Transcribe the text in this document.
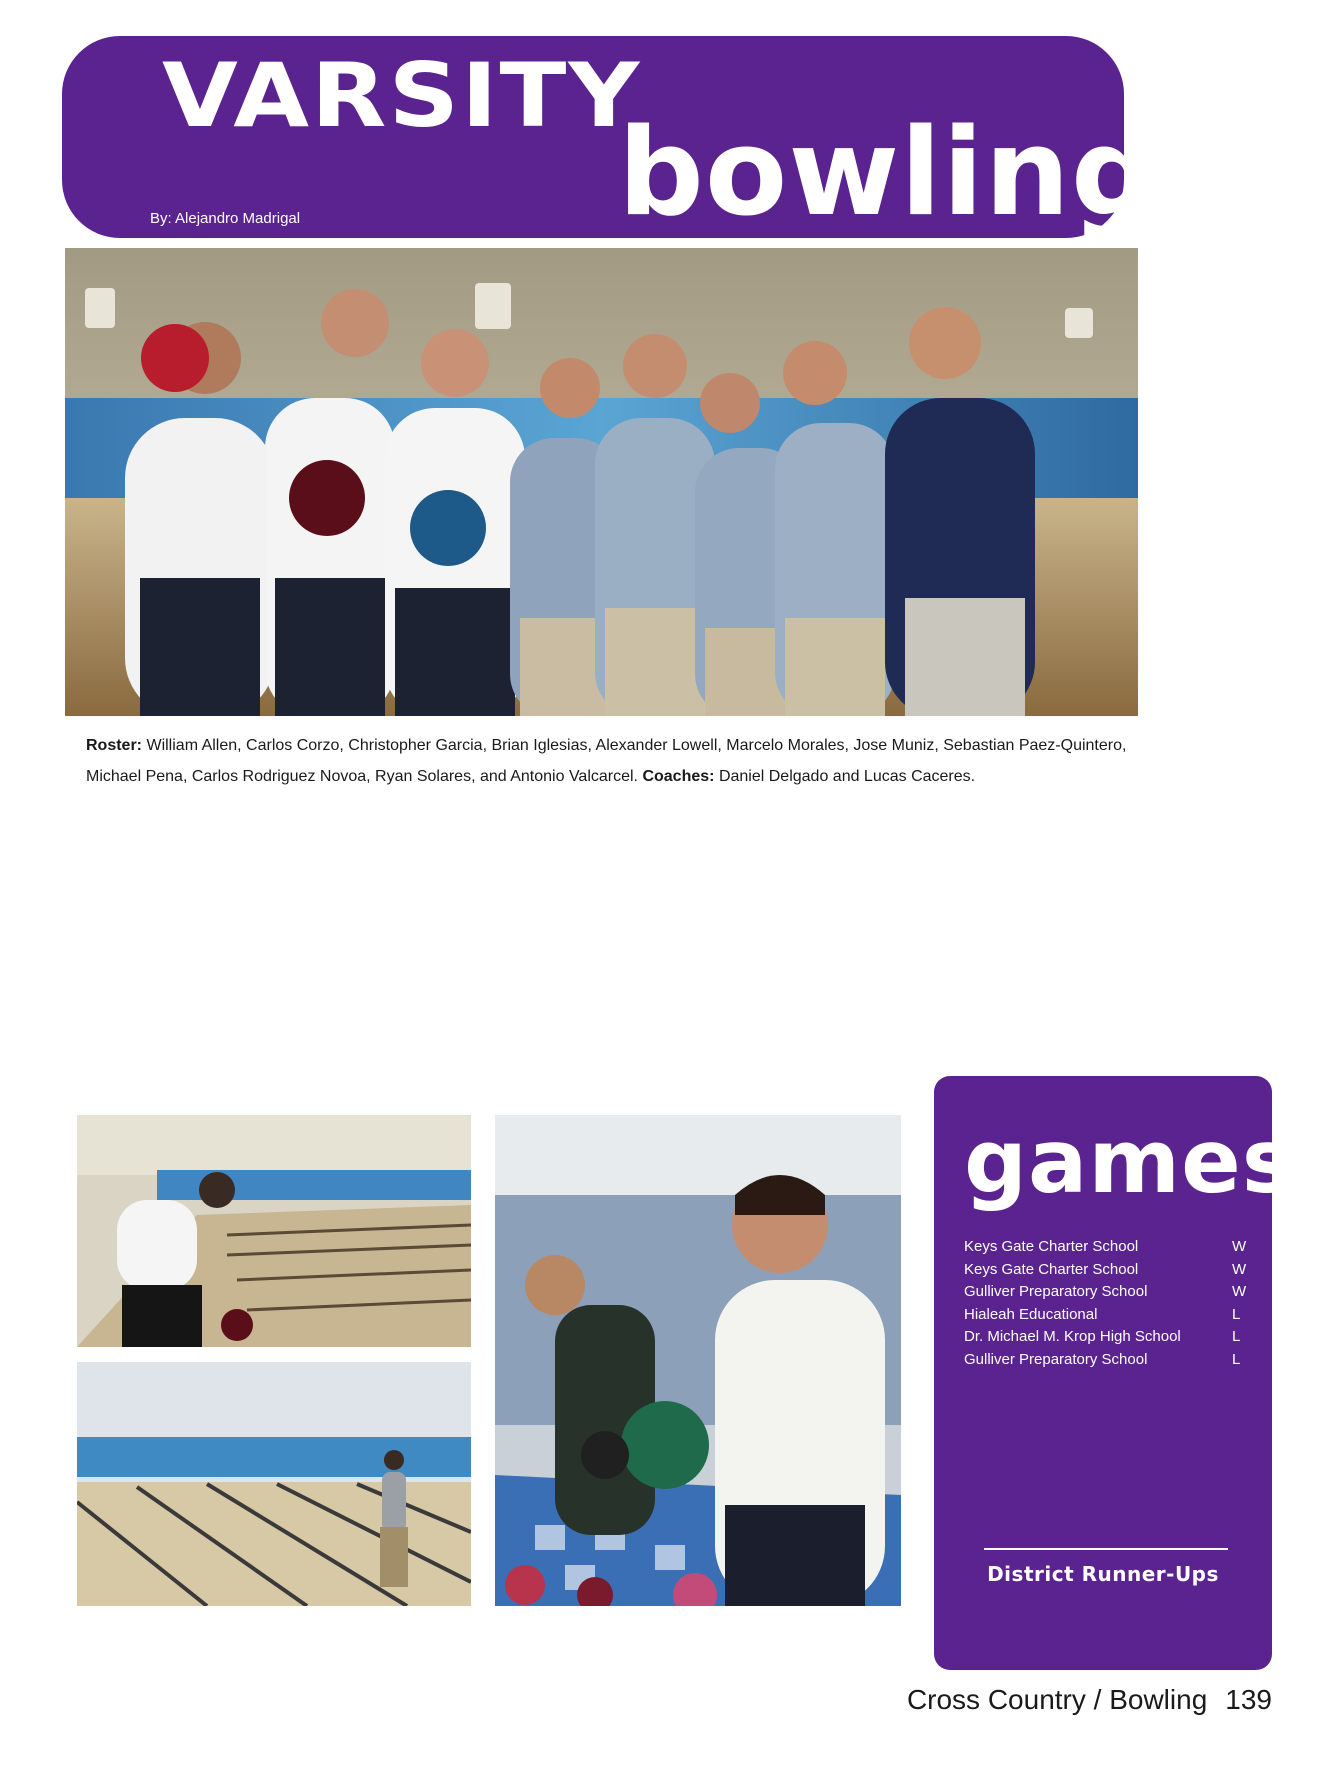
VARSITY
bowling
By: Alejandro Madrigal
Roster: William Allen, Carlos Corzo, Christopher Garcia, Brian Iglesias, Alexander Lowell, Marcelo Morales, Jose Muniz, Sebastian Paez-Quintero, Michael Pena, Carlos Rodriguez Novoa, Ryan Solares, and Antonio Valcarcel. Coaches: Daniel Delgado and Lucas Caceres.
games
Keys Gate Charter School	W
Keys Gate Charter School	W
Gulliver Preparatory School	W
Hialeah Educational	L
Dr. Michael M. Krop High School	L
Gulliver Preparatory School	L
District Runner-Ups
Cross Country / Bowling 139
